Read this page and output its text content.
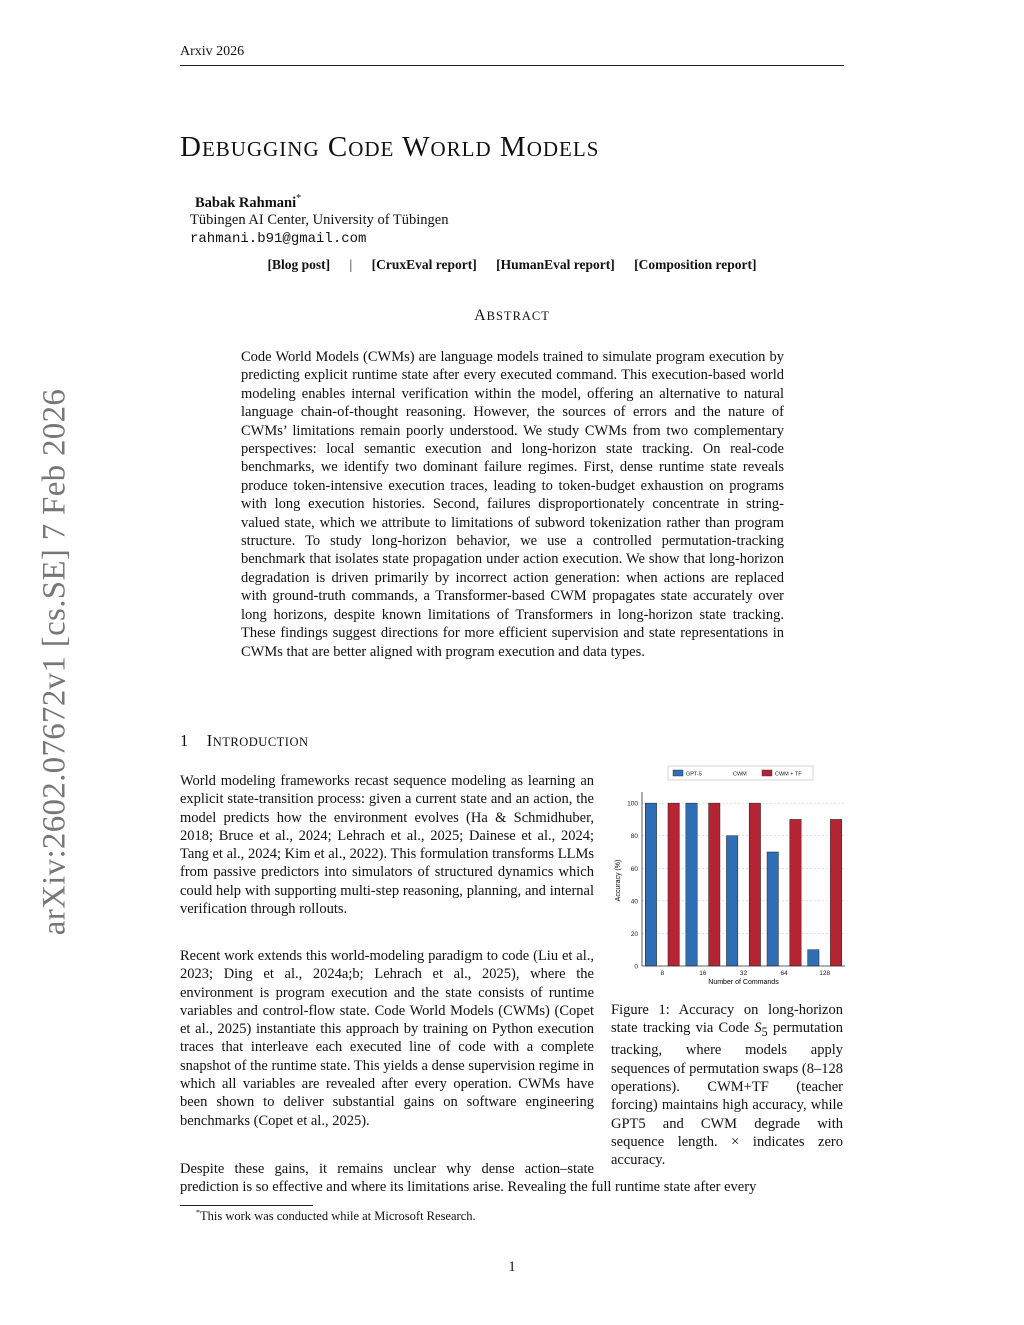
Arxiv 2026
arXiv:2602.07672v1 [cs.SE] 7 Feb 2026
DEBUGGING CODE WORLD MODELS
Babak Rahmani*
Tübingen AI Center, University of Tübingen
rahmani.b91@gmail.com
[Blog post] | [CruxEval report] [HumanEval report] [Composition report]
ABSTRACT
Code World Models (CWMs) are language models trained to simulate program execution by predicting explicit runtime state after every executed command. This execution-based world modeling enables internal verification within the model, offering an alternative to natural language chain-of-thought reasoning. However, the sources of errors and the nature of CWMs’ limitations remain poorly understood. We study CWMs from two complementary perspectives: local semantic execution and long-horizon state tracking. On real-code benchmarks, we identify two dominant failure regimes. First, dense runtime state reveals produce token-intensive execution traces, leading to token-budget exhaustion on programs with long execution histories. Second, failures disproportionately concentrate in string-valued state, which we attribute to limitations of subword tokenization rather than program structure. To study long-horizon behavior, we use a controlled permutation-tracking benchmark that isolates state propagation under action execution. We show that long-horizon degradation is driven primarily by incorrect action generation: when actions are replaced with ground-truth commands, a Transformer-based CWM propagates state accurately over long horizons, despite known limitations of Transformers in long-horizon state tracking. These findings suggest directions for more efficient supervision and state representations in CWMs that are better aligned with program execution and data types.
1 INTRODUCTION
World modeling frameworks recast sequence modeling as learning an explicit state-transition process: given a current state and an action, the model predicts how the environment evolves (Ha & Schmidhuber, 2018; Bruce et al., 2024; Lehrach et al., 2025; Dainese et al., 2024; Tang et al., 2024; Kim et al., 2022). This formulation transforms LLMs from passive predictors into simulators of structured dynamics which could help with supporting multi-step reasoning, planning, and internal verification through rollouts.
Recent work extends this world-modeling paradigm to code (Liu et al., 2023; Ding et al., 2024a;b; Lehrach et al., 2025), where the environment is program execution and the state consists of runtime variables and control-flow state. Code World Models (CWMs) (Copet et al., 2025) instantiate this approach by training on Python execution traces that interleave each executed line of code with a complete snapshot of the runtime state. This yields a dense supervision regime in which all variables are revealed after every operation. CWMs have been shown to deliver substantial gains on software engineering benchmarks (Copet et al., 2025).
Despite these gains, it remains unclear why dense action–state
prediction is so effective and where its limitations arise. Revealing the full runtime state after every
GPT-5	CWM	CWM + TF
0
20
40
60
80
100
8	16	32	64	128
Accuracy (%)
Number of Commands
Figure 1: Accuracy on long-horizon state tracking via Code $S_5$ permutation tracking, where models apply sequences of permutation swaps (8–128 operations). CWM+TF (teacher forcing) maintains high accuracy, while GPT5 and CWM degrade with sequence length. × indicates zero accuracy.
*This work was conducted while at Microsoft Research.
1
